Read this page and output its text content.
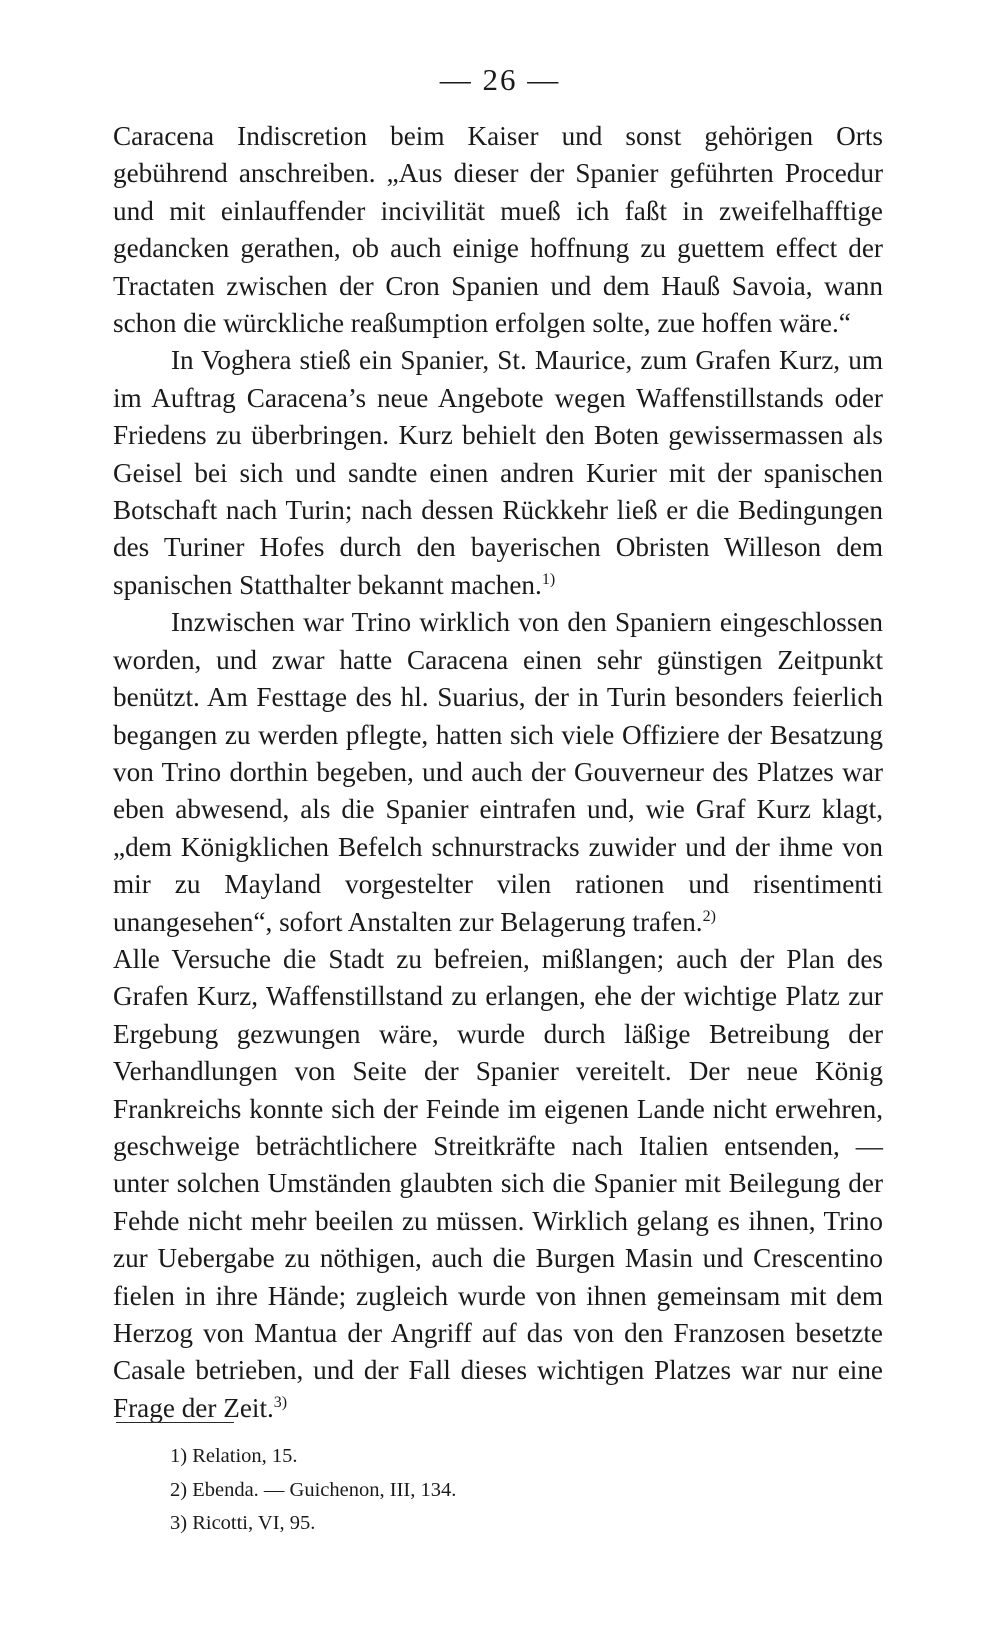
— 26 —

Caracena Indiscretion beim Kaiser und sonst gehörigen Orts gebührend anschreiben. „Aus dieser der Spanier geführten Procedur und mit einlauffender incivilität mueß ich faßt in zweifelhafftige gedancken gerathen, ob auch einige hoffnung zu guettem effect der Tractaten zwischen der Cron Spanien und dem Hauß Savoia, wann schon die würckliche reaßumption erfolgen solte, zue hoffen wäre.“

In Voghera stieß ein Spanier, St. Maurice, zum Grafen Kurz, um im Auftrag Caracena’s neue Angebote wegen Waffenstillstands oder Friedens zu überbringen. Kurz behielt den Boten gewissermassen als Geisel bei sich und sandte einen andren Kurier mit der spanischen Botschaft nach Turin; nach dessen Rückkehr ließ er die Bedingungen des Turiner Hofes durch den bayerischen Obristen Willeson dem spanischen Statthalter bekannt machen.$^{1)}$

Inzwischen war Trino wirklich von den Spaniern eingeschlossen worden, und zwar hatte Caracena einen sehr günstigen Zeitpunkt benützt. Am Festtage des hl. Suarius, der in Turin besonders feierlich begangen zu werden pflegte, hatten sich viele Offiziere der Besatzung von Trino dorthin begeben, und auch der Gouverneur des Platzes war eben abwesend, als die Spanier eintrafen und, wie Graf Kurz klagt, „dem Königklichen Befelch schnurstracks zuwider und der ihme von mir zu Mayland vorgestelter vilen rationen und risentimenti unangesehen“, sofort Anstalten zur Belagerung trafen.$^{2)}$

Alle Versuche die Stadt zu befreien, mißlangen; auch der Plan des Grafen Kurz, Waffenstillstand zu erlangen, ehe der wichtige Platz zur Ergebung gezwungen wäre, wurde durch läßige Betreibung der Verhandlungen von Seite der Spanier vereitelt. Der neue König Frankreichs konnte sich der Feinde im eigenen Lande nicht erwehren, geschweige beträchtlichere Streitkräfte nach Italien entsenden, — unter solchen Umständen glaubten sich die Spanier mit Beilegung der Fehde nicht mehr beeilen zu müssen. Wirklich gelang es ihnen, Trino zur Uebergabe zu nöthigen, auch die Burgen Masin und Crescentino fielen in ihre Hände; zugleich wurde von ihnen gemeinsam mit dem Herzog von Mantua der Angriff auf das von den Franzosen besetzte Casale betrieben, und der Fall dieses wichtigen Platzes war nur eine Frage der Zeit.$^{3)}$

1) Relation, 15.
2) Ebenda. — Guichenon, III, 134.
3) Ricotti, VI, 95.
